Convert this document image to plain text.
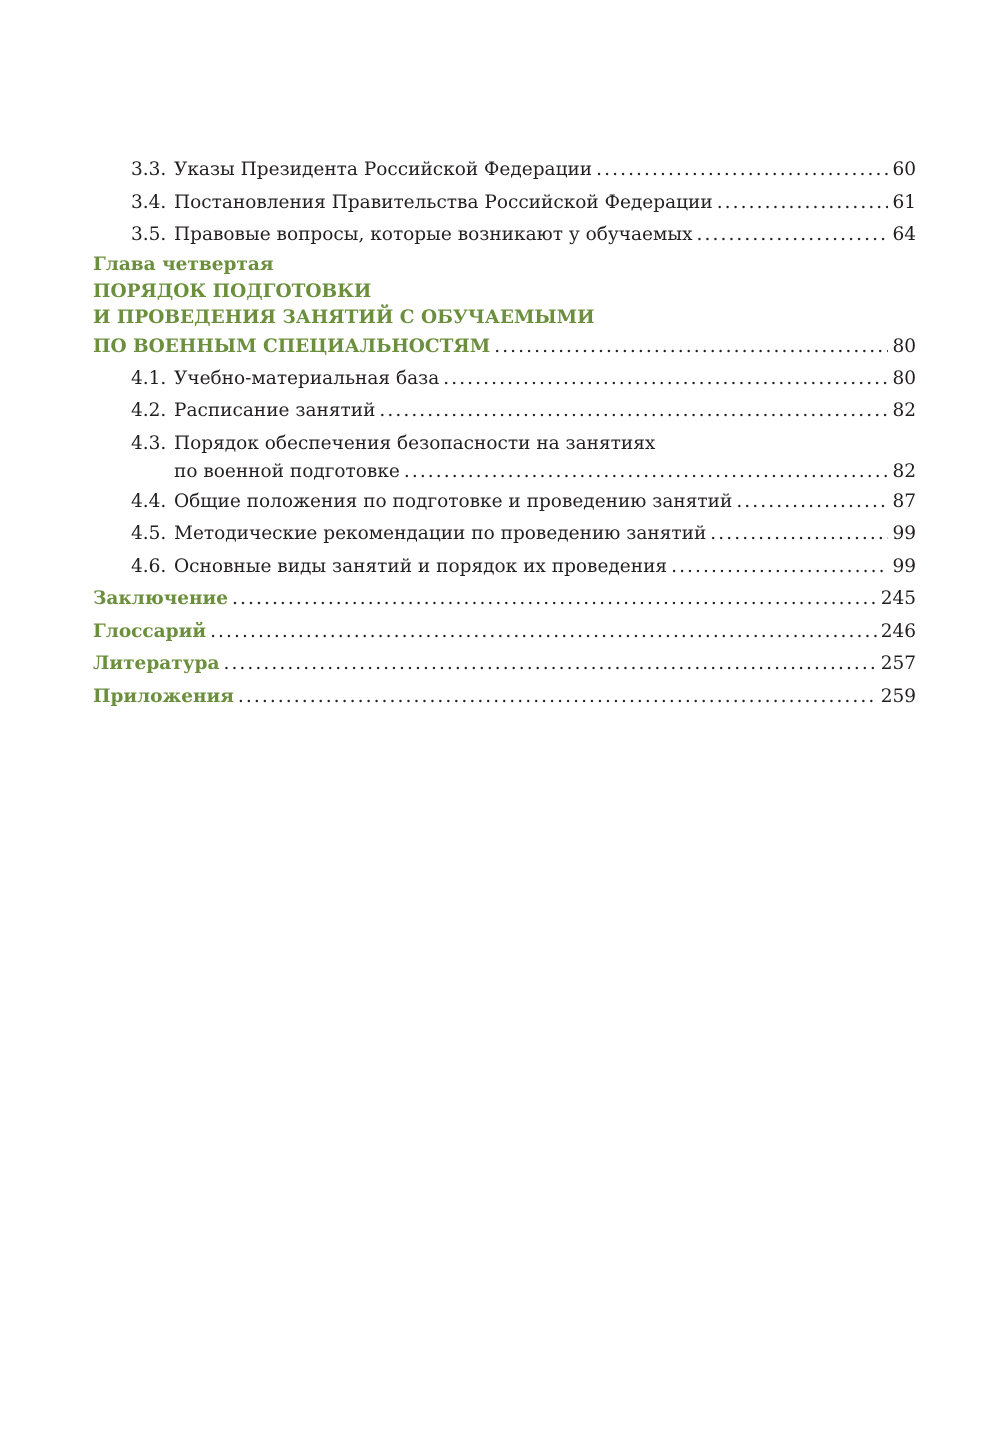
3.3. Указы Президента Российской Федерации .....	60
3.4. Постановления Правительства Российской Федерации .....	61
3.5. Правовые вопросы, которые возникают у обучаемых .....	64
Глава четвертая
ПОРЯДОК ПОДГОТОВКИ
И ПРОВЕДЕНИЯ ЗАНЯТИЙ С ОБУЧАЕМЫМИ
ПО ВОЕННЫМ СПЕЦИАЛЬНОСТЯМ .....	80
4.1. Учебно-материальная база .....	80
4.2. Расписание занятий .....	82
4.3. Порядок обеспечения безопасности на занятиях
по военной подготовке .....	82
4.4. Общие положения по подготовке и проведению занятий .....	87
4.5. Методические рекомендации по проведению занятий .....	99
4.6. Основные виды занятий и порядок их проведения .....	99
Заключение .....	245
Глоссарий .....	246
Литература .....	257
Приложения .....	259
